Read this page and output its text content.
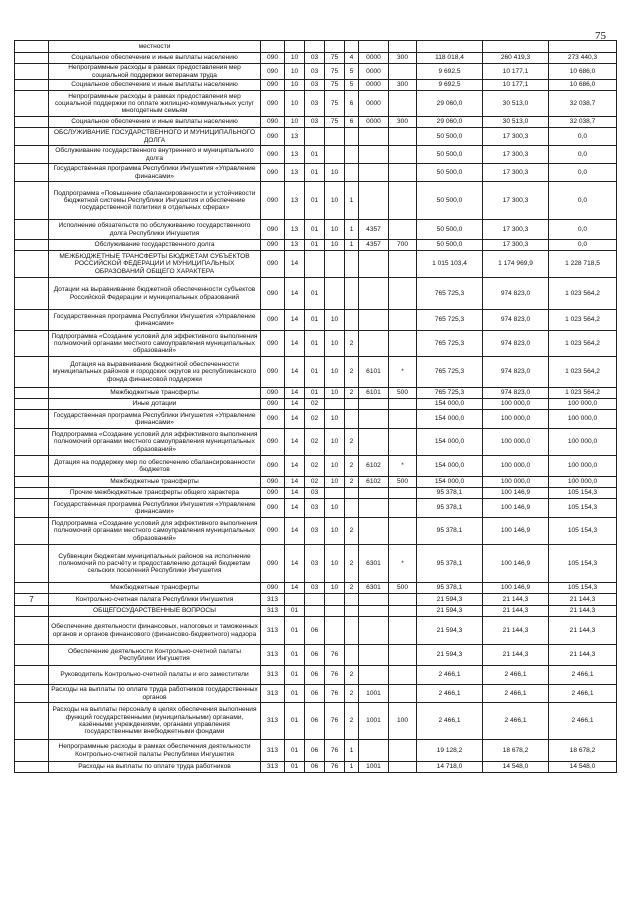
75
	местности										
	Социальное обеспечение и иные выплаты населению	090	10	03	75	4	0000	300	118 018,4	260 419,3	273 440,3
	Непрограммные расходы в рамках предоставления мер социальной поддержки ветеранам труда	090	10	03	75	5	0000		9 692,5	10 177,1	10 686,0
	Социальное обеспечение и иные выплаты населению	090	10	03	75	5	0000	300	9 692,5	10 177,1	10 686,0
	Непрограммные расходы в рамках предоставления мер социальной поддержки по оплате жилищно-коммунальных услуг многодетным семьям	090	10	03	75	6	0000		29 060,0	30 513,0	32 038,7
	Социальное обеспечение и иные выплаты населению	090	10	03	75	6	0000	300	29 060,0	30 513,0	32 038,7
	ОБСЛУЖИВАНИЕ ГОСУДАРСТВЕННОГО И МУНИЦИПАЛЬНОГО ДОЛГА	090	13						50 500,0	17 300,3	0,0
	Обслуживание государственного внутреннего и муниципального долга	090	13	01					50 500,0	17 300,3	0,0
	Государственная программа Республики Ингушетия «Управление финансами»	090	13	01	10				50 500,0	17 300,3	0,0
	Подпрограмма «Повышение сбалансированности и устойчивости бюджетной системы Республики Ингушетия и обеспечение государственной политики в отдельных сферах»	090	13	01	10	1			50 500,0	17 300,3	0,0
	Исполнение обязательств по обслуживанию государственного долга Республики Ингушетия	090	13	01	10	1	4357		50 500,0	17 300,3	0,0
	Обслуживание государственного долга	090	13	01	10	1	4357	700	50 500,0	17 300,3	0,0
	МЕЖБЮДЖЕТНЫЕ ТРАНСФЕРТЫ БЮДЖЕТАМ СУБЪЕКТОВ РОССИЙСКОЙ ФЕДЕРАЦИИ И МУНИЦИПАЛЬНЫХ ОБРАЗОВАНИЙ ОБЩЕГО ХАРАКТЕРА	090	14						1 015 103,4	1 174 969,9	1 228 718,5
	Дотации на выравнивание бюджетной обеспеченности субъектов Российской Федерации и муниципальных образований	090	14	01					765 725,3	974 823,0	1 023 564,2
	Государственная программа Республики Ингушетия «Управление финансами»	090	14	01	10				765 725,3	974 823,0	1 023 564,2
	Подпрограмма «Создание условий для эффективного выполнения полномочий органами местного самоуправления муниципальных образований»	090	14	01	10	2			765 725,3	974 823,0	1 023 564,2
	Дотация на выравнивание бюджетной обеспеченности муниципальных районов и городских округов из республиканского фонда финансовой поддержки	090	14	01	10	2	6101	*	765 725,3	974 823,0	1 023 564,2
	Межбюджетные трансферты	090	14	01	10	2	6101	500	765 725,3	974 823,0	1 023 564,2
	Иные дотации	090	14	02					154 000,0	100 000,0	100 000,0
	Государственная программа Республики Ингушетия «Управление финансами»	090	14	02	10				154 000,0	100 000,0	100 000,0
	Подпрограмма «Создание условий для эффективного выполнения полномочий органами местного самоуправления муниципальных образований»	090	14	02	10	2			154 000,0	100 000,0	100 000,0
	Дотация на поддержку мер по обеспечению сбалансированности бюджетов	090	14	02	10	2	6102	*	154 000,0	100 000,0	100 000,0
	Межбюджетные трансферты	090	14	02	10	2	6102	500	154 000,0	100 000,0	100 000,0
	Прочие межбюджетные трансферты общего характера	090	14	03					95 378,1	100 146,9	105 154,3
	Государственная программа Республики Ингушетия «Управление финансами»	090	14	03	10				95 378,1	100 146,9	105 154,3
	Подпрограмма «Создание условий для эффективного выполнения полномочий органами местного самоуправления муниципальных образований»	090	14	03	10	2			95 378,1	100 146,9	105 154,3
	Субвенции бюджетам муниципальных районов на исполнение полномочий по расчёту и предоставлению дотаций бюджетам сельских поселений Республики Ингушетия	090	14	03	10	2	6301	*	95 378,1	100 146,9	105 154,3
	Межбюджетные трансферты	090	14	03	10	2	6301	500	95 378,1	100 146,9	105 154,3
7	Контрольно-счетная палата Республики Ингушетия	313							21 594,3	21 144,3	21 144,3
	ОБЩЕГОСУДАРСТВЕННЫЕ ВОПРОСЫ	313	01						21 594,3	21 144,3	21 144,3
	Обеспечение деятельности финансовых, налоговых и таможенных органов и органов финансового (финансово-бюджетного) надзора	313	01	06					21 594,3	21 144,3	21 144,3
	Обеспечение деятельности Контрольно-счетной палаты Республики Ингушетия	313	01	06	76				21 594,3	21 144,3	21 144,3
	Руководитель Контрольно-счетной палаты и его заместители	313	01	06	76	2			2 466,1	2 466,1	2 466,1
	Расходы на выплаты по оплате труда работников государственных органов	313	01	06	76	2	1001		2 466,1	2 466,1	2 466,1
	Расходы на выплаты персоналу в целях обеспечения выполнения функций государственными (муниципальными) органами, казёнными учреждениями, органами управления государственными внебюджетными фондами	313	01	06	76	2	1001	100	2 466,1	2 466,1	2 466,1
	Непрограммные расходы в рамках обеспечения деятельности Контрольно-счетной палаты Республики Ингушетия	313	01	06	76	1			19 128,2	18 678,2	18 678,2
	Расходы на выплаты по оплате труда работников	313	01	06	76	1	1001		14 718,0	14 548,0	14 548,0
